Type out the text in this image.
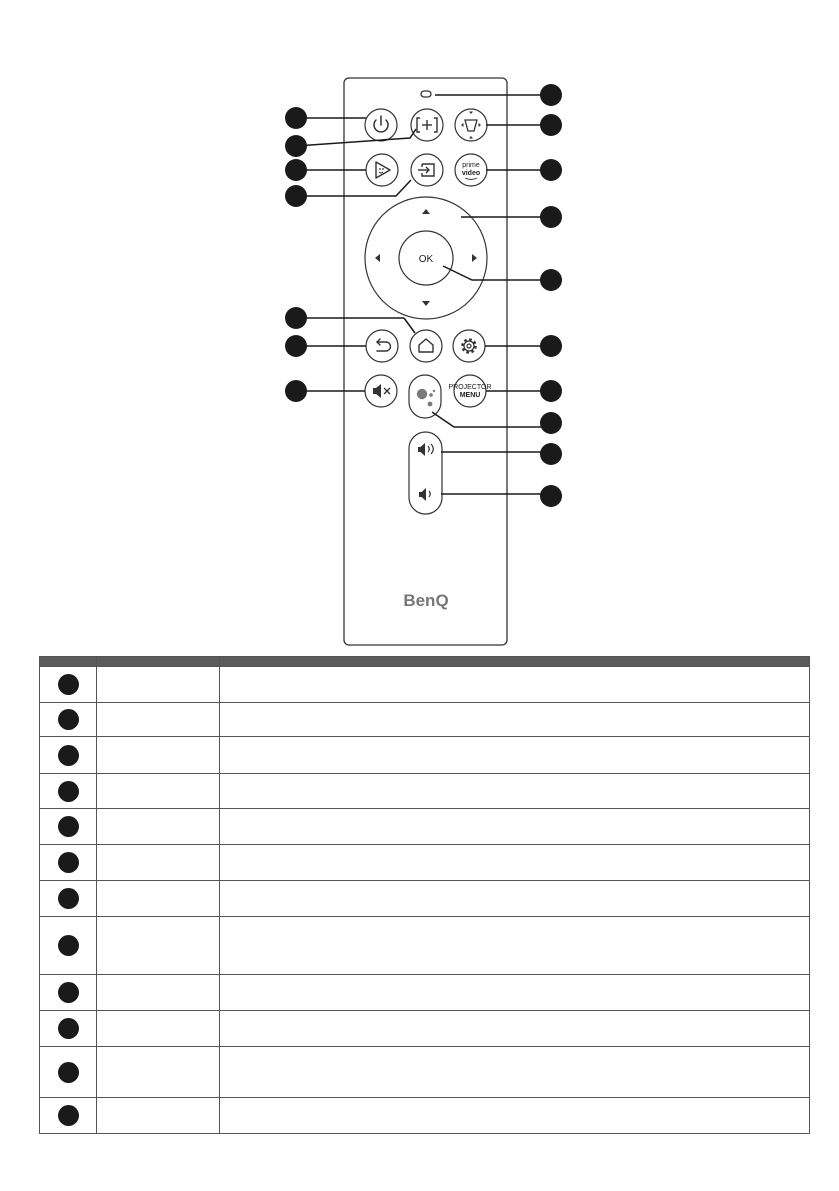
prime
video
OK
PROJECTOR
MENU
BenQ
